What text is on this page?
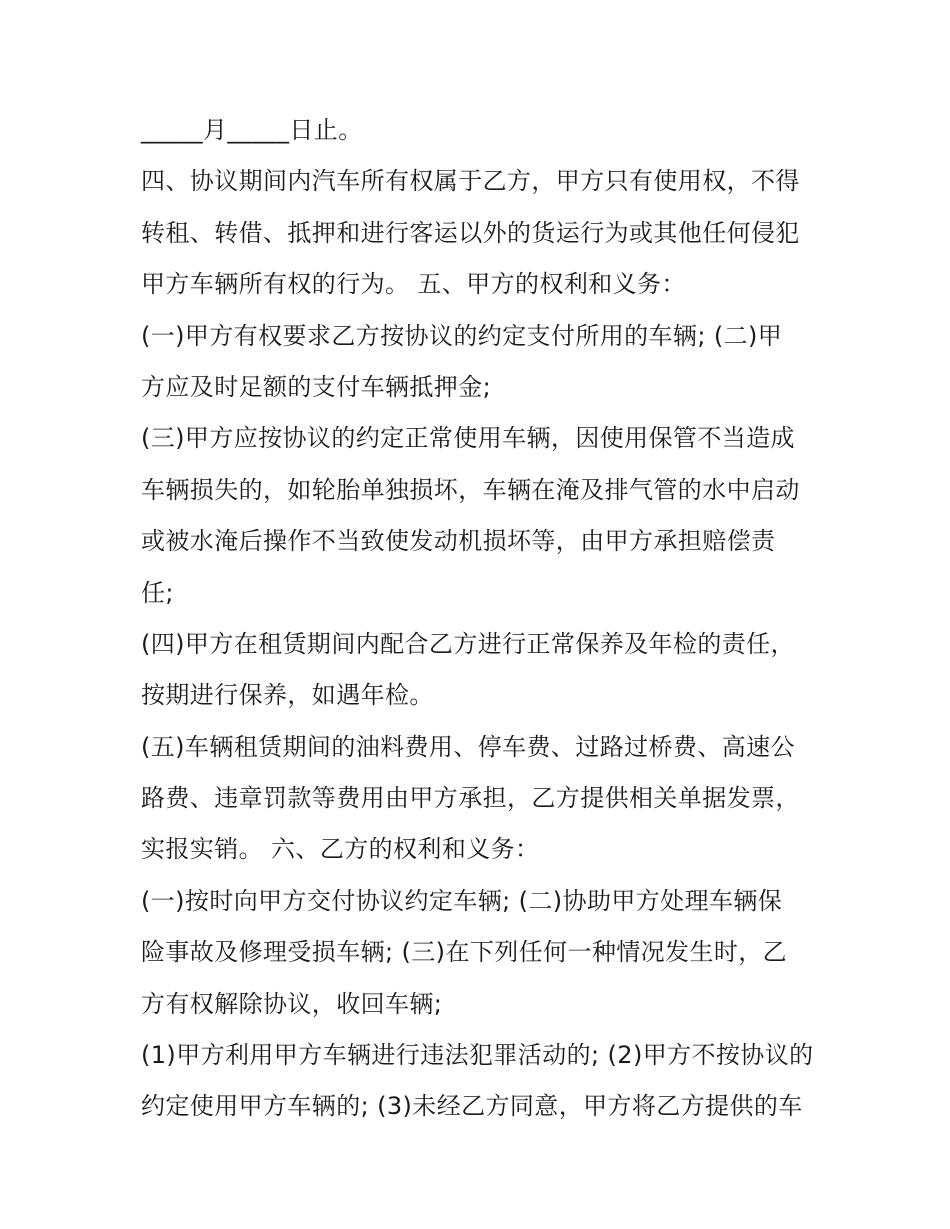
_____月_____日止。
四、协议期间内汽车所有权属于乙方，甲方只有使用权，不得
转租、转借、抵押和进行客运以外的货运行为或其他任何侵犯
甲方车辆所有权的行为。 五、甲方的权利和义务：
(一)甲方有权要求乙方按协议的约定支付所用的车辆; (二)甲
方应及时足额的支付车辆抵押金;
(三)甲方应按协议的约定正常使用车辆，因使用保管不当造成
车辆损失的，如轮胎单独损坏，车辆在淹及排气管的水中启动
或被水淹后操作不当致使发动机损坏等，由甲方承担赔偿责
任;
(四)甲方在租赁期间内配合乙方进行正常保养及年检的责任，
按期进行保养，如遇年检。
(五)车辆租赁期间的油料费用、停车费、过路过桥费、高速公
路费、违章罚款等费用由甲方承担，乙方提供相关单据发票，
实报实销。 六、乙方的权利和义务：
(一)按时向甲方交付协议约定车辆; (二)协助甲方处理车辆保
险事故及修理受损车辆; (三)在下列任何一种情况发生时，乙
方有权解除协议，收回车辆;
(1)甲方利用甲方车辆进行违法犯罪活动的; (2)甲方不按协议的
约定使用甲方车辆的; (3)未经乙方同意，甲方将乙方提供的车
